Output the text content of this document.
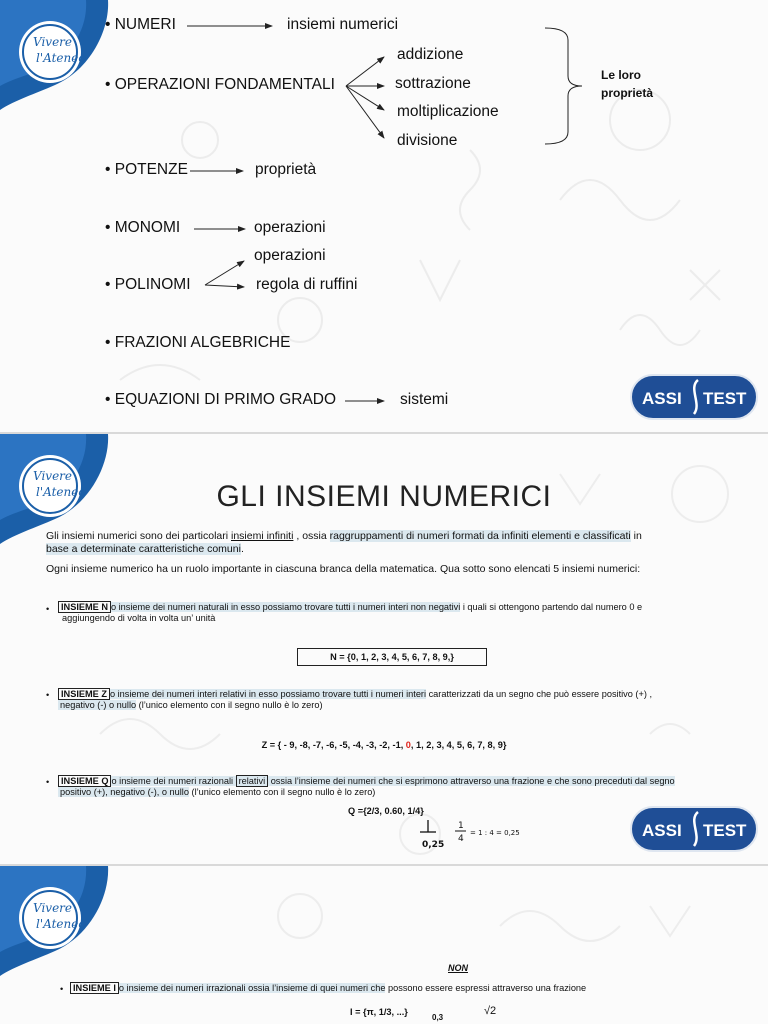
Vivere
l'Ateneo
• NUMERI	insiemi numerici
• OPERAZIONI FONDAMENTALI
addizione
sottrazione
moltiplicazione
divisione
Le loro
proprietà
• POTENZE	proprietà
• MONOMI	operazioni
operazioni
• POLINOMI	regola di ruffini
• FRAZIONI ALGEBRICHE
• EQUAZIONI DI PRIMO GRADO	sistemi	ASSI TEST
Vivere
l'Ateneo	GLI INSIEMI NUMERICI
Gli insiemi numerici sono dei particolari insiemi infiniti , ossia raggruppamenti di numeri formati da infiniti elementi e classificati in
base a determinate caratteristiche comuni.
Ogni insieme numerico ha un ruolo importante in ciascuna branca della matematica. Qua sotto sono elencati 5 insiemi numerici:
•	INSIEME N o insieme dei numeri naturali in esso possiamo trovare tutti i numeri interi non negativi i quali si ottengono partendo dal numero 0 e
aggiungendo di volta in volta un’ unità
N = {0, 1, 2, 3, 4, 5, 6, 7, 8, 9,}
•	INSIEME Z o insieme dei numeri interi relativi in esso possiamo trovare tutti i numeri interi caratterizzati da un segno che può essere positivo (+) ,
negativo (-) o nullo (l’unico elemento con il segno nullo è lo zero)
Z = { - 9, -8, -7, -6, -5, -4, -3, -2, -1, 0, 1, 2, 3, 4, 5, 6, 7, 8, 9}
•	INSIEME Q o insieme dei numeri razionali relativi ossia l’insieme dei numeri che si esprimono attraverso una frazione e che sono preceduti dal segno
positivo (+), negativo (-), o nullo (l’unico elemento con il segno nullo è lo zero)
Q ={2/3, 0.60, 1/4}
0,25
1
4
= 1 : 4 = 0,25	ASSI TEST
Vivere
l'Ateneo
NON
•	INSIEME I o insieme dei numeri irrazionali ossia l’insieme di quei numeri che possono essere espressi attraverso una frazione
I = {π, 1/3, ...}
0,3
√2
